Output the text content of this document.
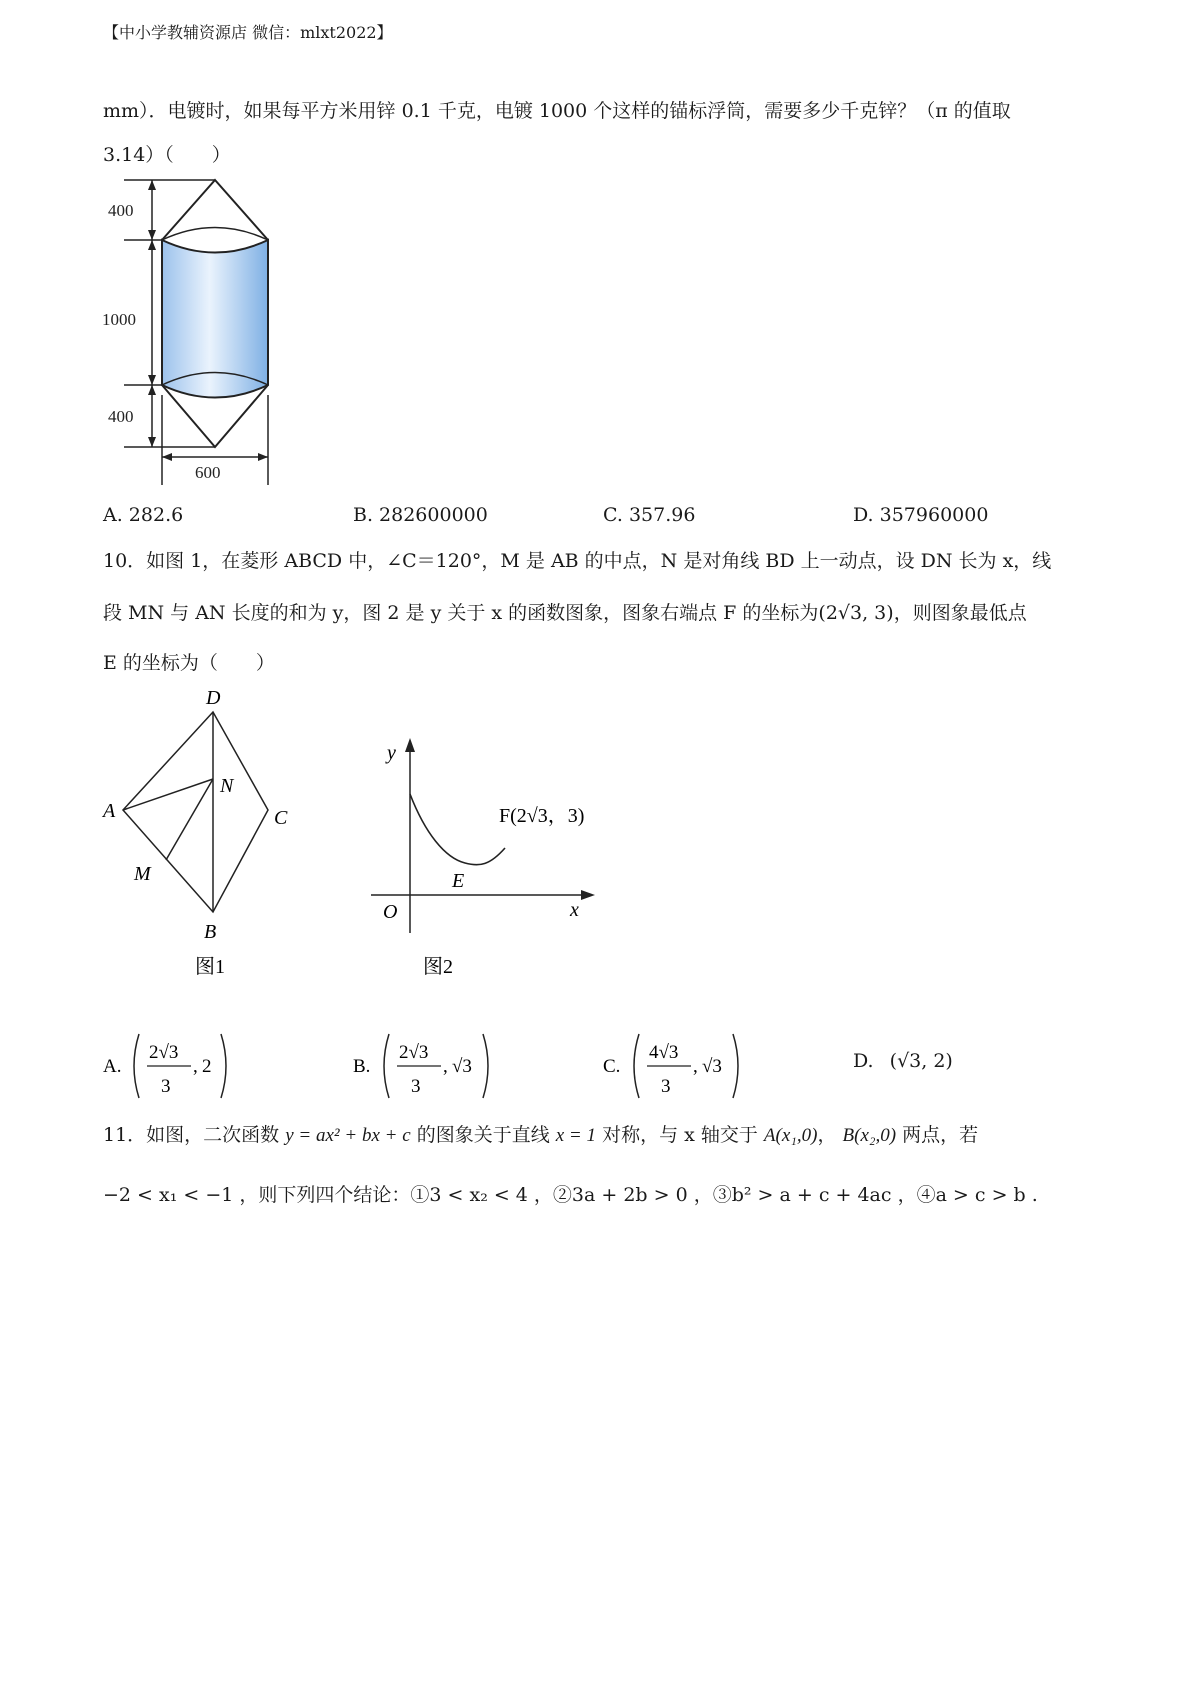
【中小学教辅资源店 微信：mlxt2022】
mm）．电镀时，如果每平方米用锌 0.1 千克，电镀 1000 个这样的锚标浮筒，需要多少千克锌？（π 的值取
3.14）（　　）
400
1000
400
600
A. 282.6	B. 282600000	C. 357.96	D. 357960000
10．如图 1，在菱形 ABCD 中，∠C＝120°，M 是 AB 的中点，N 是对角线 BD 上一动点，设 DN 长为 x，线
段 MN 与 AN 长度的和为 y，图 2 是 y 关于 x 的函数图象，图象右端点 F 的坐标为(2√3, 3)，则图象最低点
E 的坐标为（　　）
D
A
N
C
M
B
图1
y
x
O
E
F(2√3，3)
图2
A.
2√3
3
, 2	B.
2√3
3
, √3	C.
4√3
3
, √3	D. (√3, 2)
11．如图，二次函数 y = ax² + bx + c 的图象关于直线 x = 1 对称，与 x 轴交于 A(x₁,0)， B(x₂,0) 两点，若
−2 < x₁ < −1 ，则下列四个结论：①3 < x₂ < 4 ，②3a + 2b > 0 ，③b² > a + c + 4ac ，④a > c > b .
